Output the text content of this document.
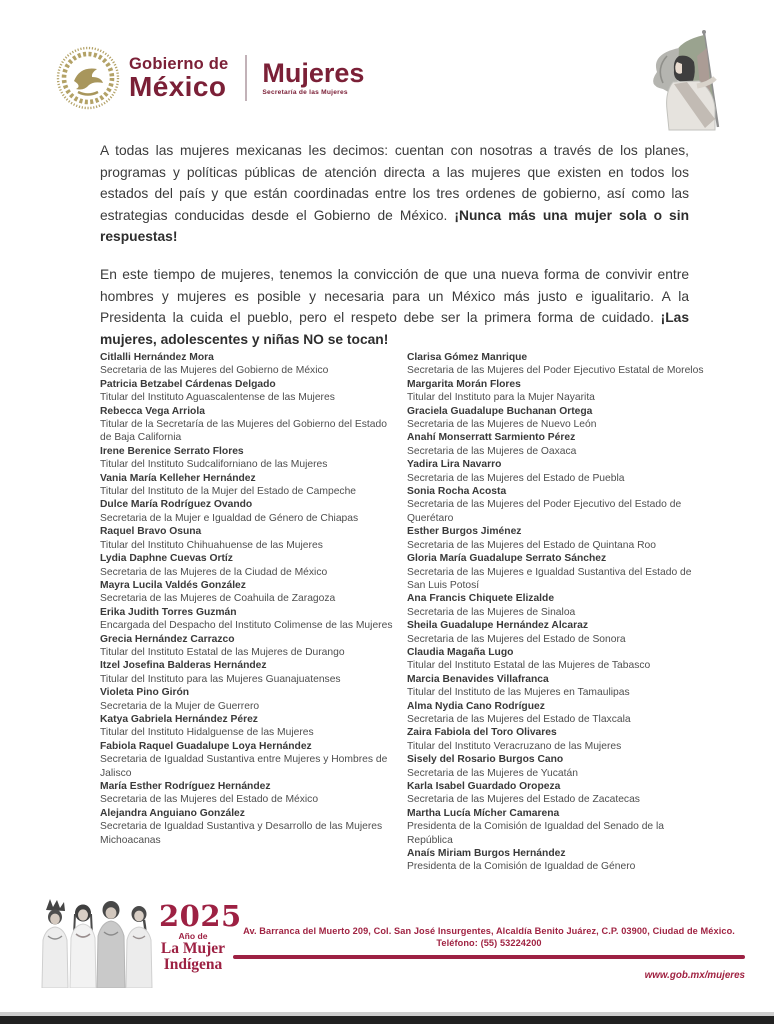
Gobierno de
México Mujeres
Secretaría de las Mujeres

A todas las mujeres mexicanas les decimos: cuentan con nosotras a través de los planes, programas y políticas públicas de atención directa a las mujeres que existen en todos los estados del país y que están coordinadas entre los tres ordenes de gobierno, así como las estrategias conducidas desde el Gobierno de México. ¡Nunca más una mujer sola o sin respuestas!

En este tiempo de mujeres, tenemos la convicción de que una nueva forma de convivir entre hombres y mujeres es posible y necesaria para un México más justo e igualitario. A la Presidenta la cuida el pueblo, pero el respeto debe ser la primera forma de cuidado. ¡Las mujeres, adolescentes y niñas NO se tocan!

Citlalli Hernández Mora
Secretaria de las Mujeres del Gobierno de México
Patricia Betzabel Cárdenas Delgado
Titular del Instituto Aguascalentense de las Mujeres
Rebecca Vega Arriola
Titular de la Secretaría de las Mujeres del Gobierno del Estado de Baja California
Irene Berenice Serrato Flores
Titular del Instituto Sudcaliforniano de las Mujeres
Vania María Kelleher Hernández
Titular del Instituto de la Mujer del Estado de Campeche
Dulce María Rodríguez Ovando
Secretaria de la Mujer e Igualdad de Género de Chiapas
Raquel Bravo Osuna
Titular del Instituto Chihuahuense de las Mujeres
Lydia Daphne Cuevas Ortíz
Secretaria de las Mujeres de la Ciudad de México
Mayra Lucila Valdés González
Secretaria de las Mujeres de Coahuila de Zaragoza
Erika Judith Torres Guzmán
Encargada del Despacho del Instituto Colimense de las Mujeres
Grecia Hernández Carrazco
Titular del Instituto Estatal de las Mujeres de Durango
Itzel Josefina Balderas Hernández
Titular del Instituto para las Mujeres Guanajuatenses
Violeta Pino Girón
Secretaria de la Mujer de Guerrero
Katya Gabriela Hernández Pérez
Titular del Instituto Hidalguense de las Mujeres
Fabiola Raquel Guadalupe Loya Hernández
Secretaria de Igualdad Sustantiva entre Mujeres y Hombres de Jalisco
María Esther Rodríguez Hernández
Secretaria de las Mujeres del Estado de México
Alejandra Anguiano González
Secretaria de Igualdad Sustantiva y Desarrollo de las Mujeres Michoacanas
Clarisa Gómez Manrique
Secretaria de las Mujeres del Poder Ejecutivo Estatal de Morelos
Margarita Morán Flores
Titular del Instituto para la Mujer Nayarita
Graciela Guadalupe Buchanan Ortega
Secretaria de las Mujeres de Nuevo León
Anahí Monserratt Sarmiento Pérez
Secretaria de las Mujeres de Oaxaca
Yadira Lira Navarro
Secretaria de las Mujeres del Estado de Puebla
Sonia Rocha Acosta
Secretaria de las Mujeres del Poder Ejecutivo del Estado de Querétaro
Esther Burgos Jiménez
Secretaria de las Mujeres del Estado de Quintana Roo
Gloria María Guadalupe Serrato Sánchez
Secretaria de las Mujeres e Igualdad Sustantiva del Estado de San Luis Potosí
Ana Francis Chiquete Elizalde
Secretaria de las Mujeres de Sinaloa
Sheila Guadalupe Hernández Alcaraz
Secretaria de las Mujeres del Estado de Sonora
Claudia Magaña Lugo
Titular del Instituto Estatal de las Mujeres de Tabasco
Marcia Benavides Villafranca
Titular del Instituto de las Mujeres en Tamaulipas
Alma Nydia Cano Rodríguez
Secretaria de las Mujeres del Estado de Tlaxcala
Zaira Fabiola del Toro Olivares
Titular del Instituto Veracruzano de las Mujeres
Sisely del Rosario Burgos Cano
Secretaria de las Mujeres de Yucatán
Karla Isabel Guardado Oropeza
Secretaria de las Mujeres del Estado de Zacatecas
Martha Lucía Mícher Camarena
Presidenta de la Comisión de Igualdad del Senado de la República
Anaís Miriam Burgos Hernández
Presidenta de la Comisión de Igualdad de Género
2025
Año de
La Mujer
Indígena
Av. Barranca del Muerto 209, Col. San José Insurgentes, Alcaldía Benito Juárez, C.P. 03900, Ciudad de México. Teléfono: (55) 53224200
www.gob.mx/mujeres
